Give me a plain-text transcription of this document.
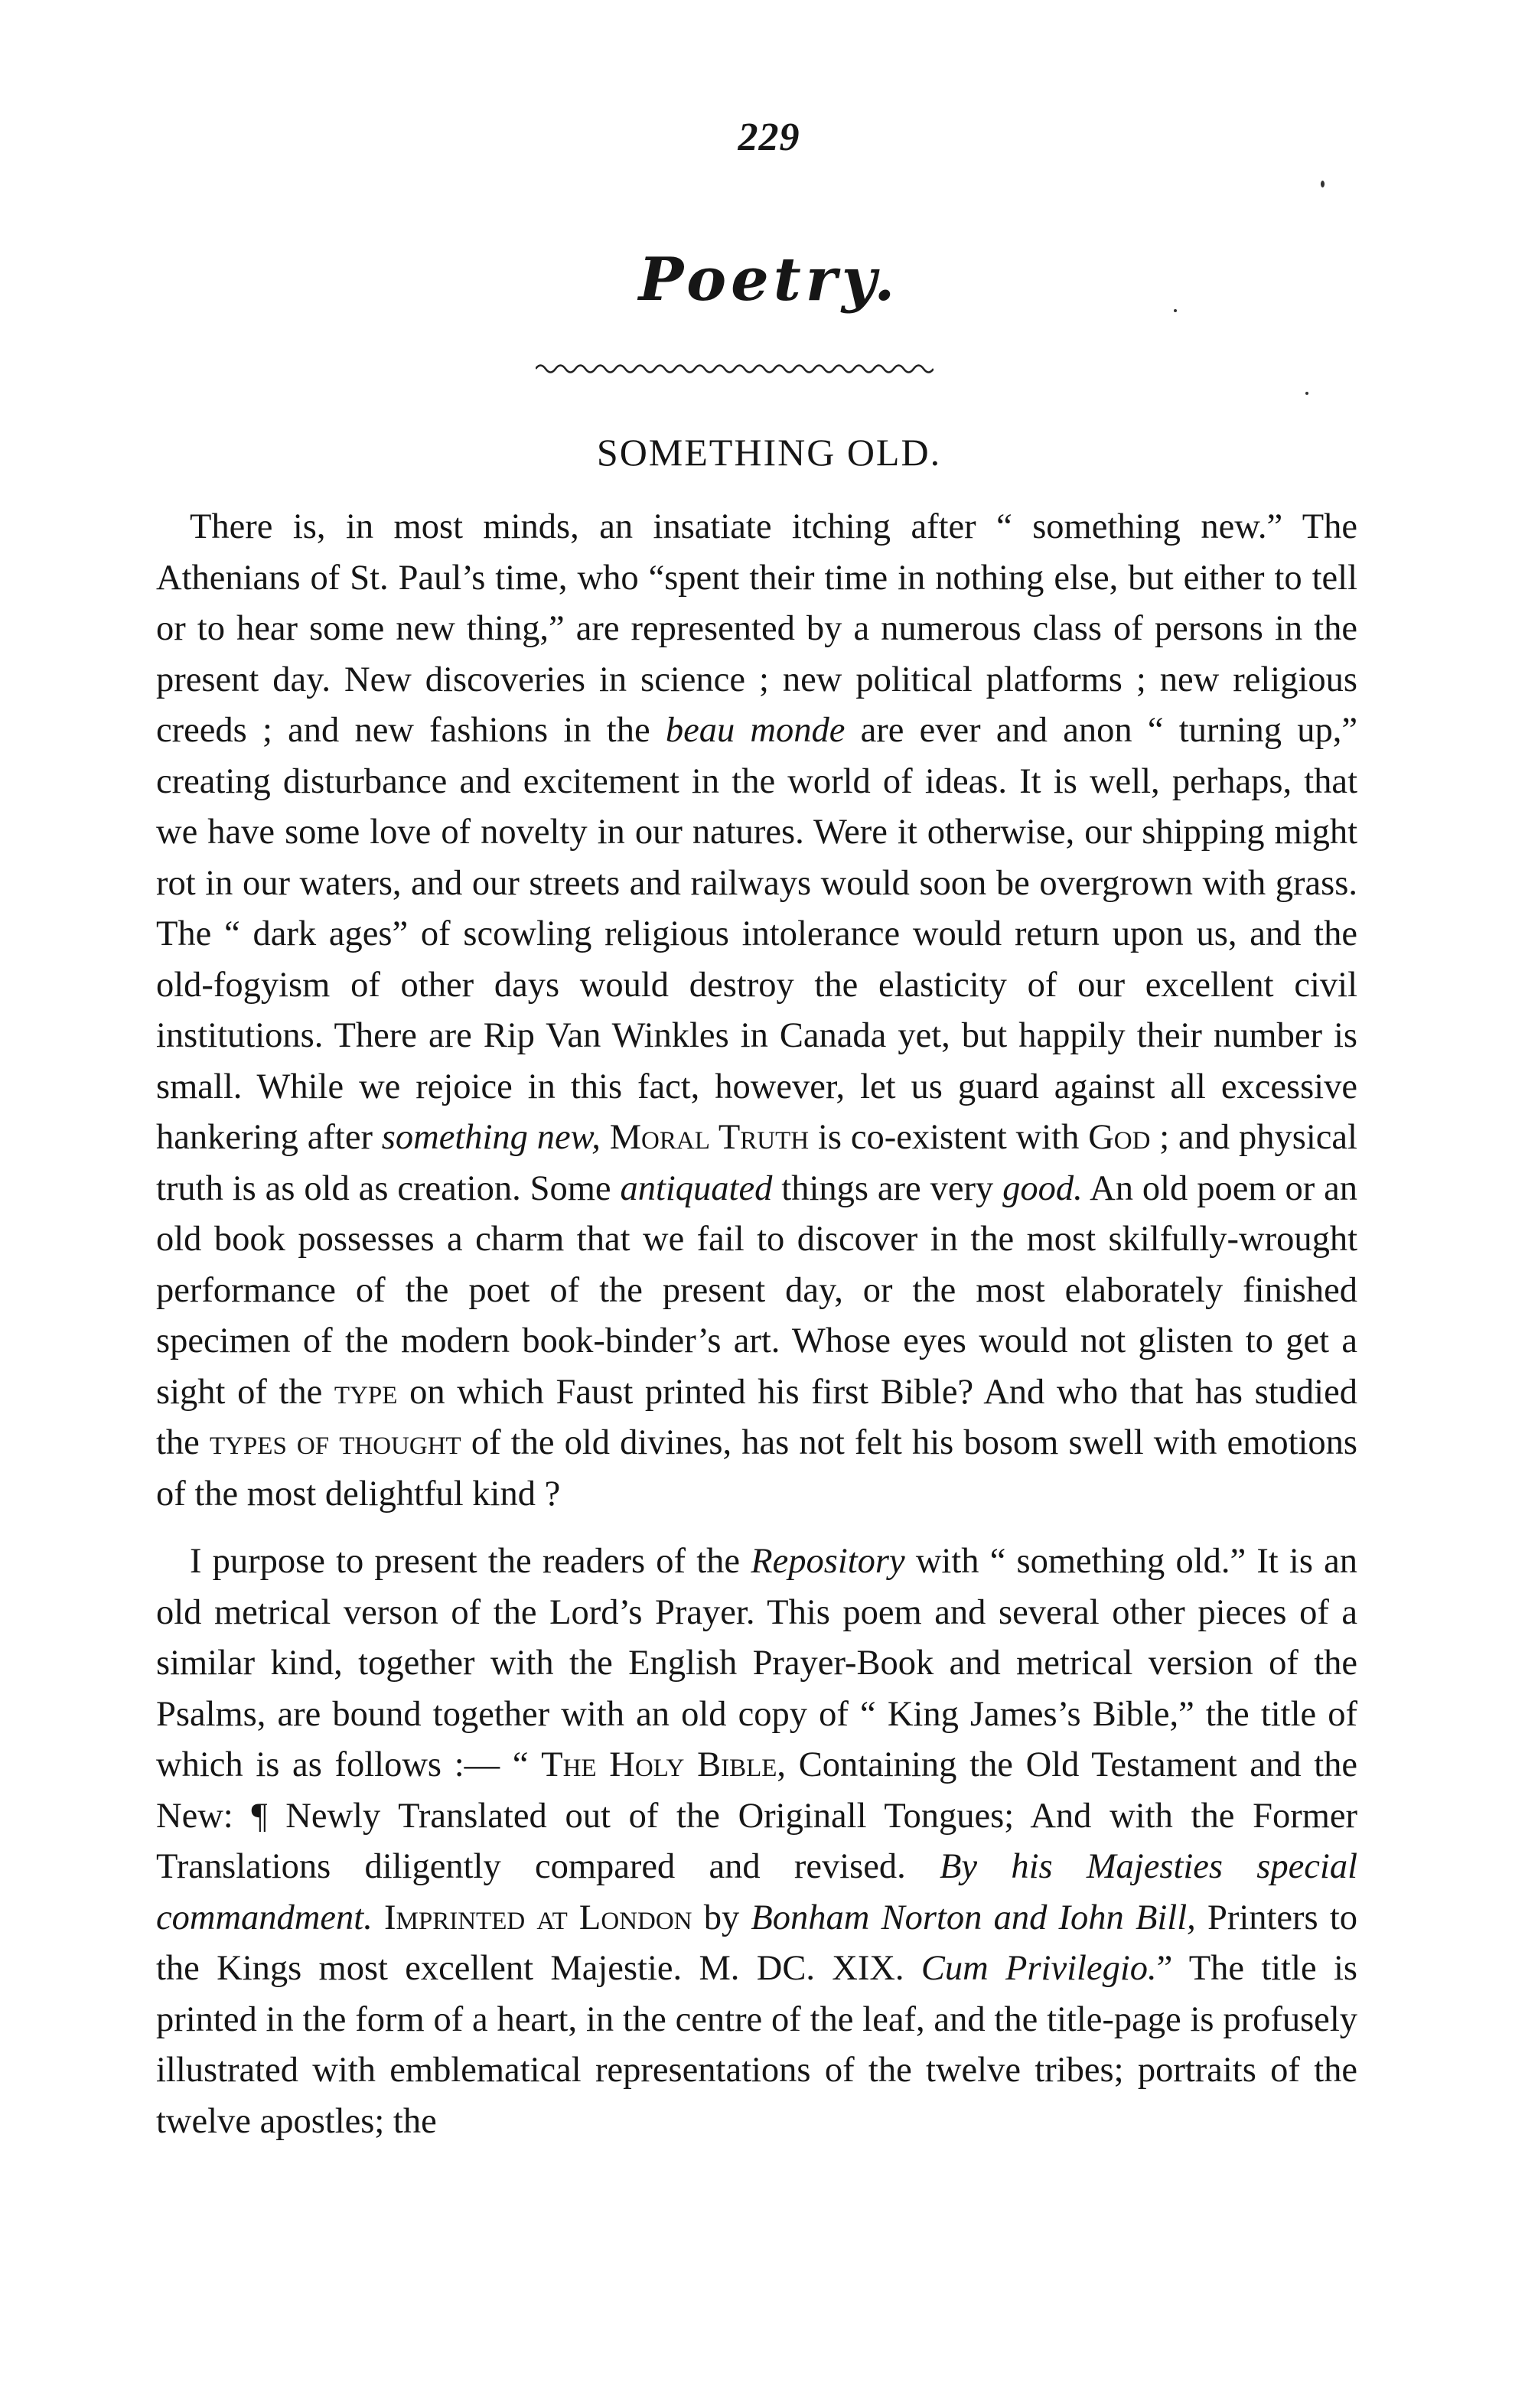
229
Poetry.
SOMETHING OLD.

There is, in most minds, an insatiate itching after “ something new.” The Athenians of St. Paul’s time, who “spent their time in nothing else, but either to tell or to hear some new thing,” are represented by a numerous class of persons in the present day. New discoveries in science ; new political platforms ; new religious creeds ; and new fashions in the beau monde are ever and anon “ turning up,” creating disturbance and excitement in the world of ideas. It is well, perhaps, that we have some love of novelty in our natures. Were it otherwise, our shipping might rot in our waters, and our streets and railways would soon be overgrown with grass. The “ dark ages” of scowling religious intolerance would return upon us, and the old-fogyism of other days would destroy the elasticity of our excellent civil institutions. There are Rip Van Winkles in Canada yet, but happily their number is small. While we rejoice in this fact, however, let us guard against all excessive hankering after something new, Moral Truth is co-existent with God ; and physical truth is as old as creation. Some antiquated things are very good. An old poem or an old book possesses a charm that we fail to discover in the most skilfully-wrought performance of the poet of the present day, or the most elaborately finished specimen of the modern book-binder’s art. Whose eyes would not glisten to get a sight of the type on which Faust printed his first Bible? And who that has studied the types of thought of the old divines, has not felt his bosom swell with emotions of the most delightful kind ?

I purpose to present the readers of the Repository with “ something old.” It is an old metrical verson of the Lord’s Prayer. This poem and several other pieces of a similar kind, together with the English Prayer-Book and metrical version of the Psalms, are bound together with an old copy of “ King James’s Bible,” the title of which is as follows :— “ The Holy Bible, Containing the Old Testament and the New: ¶ Newly Translated out of the Originall Tongues; And with the Former Translations diligently compared and revised. By his Majesties special commandment. Imprinted at London by Bonham Norton and Iohn Bill, Printers to the Kings most excellent Majestie. M. DC. XIX. Cum Privilegio.” The title is printed in the form of a heart, in the centre of the leaf, and the title-page is profusely illustrated with emblematical representations of the twelve tribes; portraits of the twelve apostles; the
